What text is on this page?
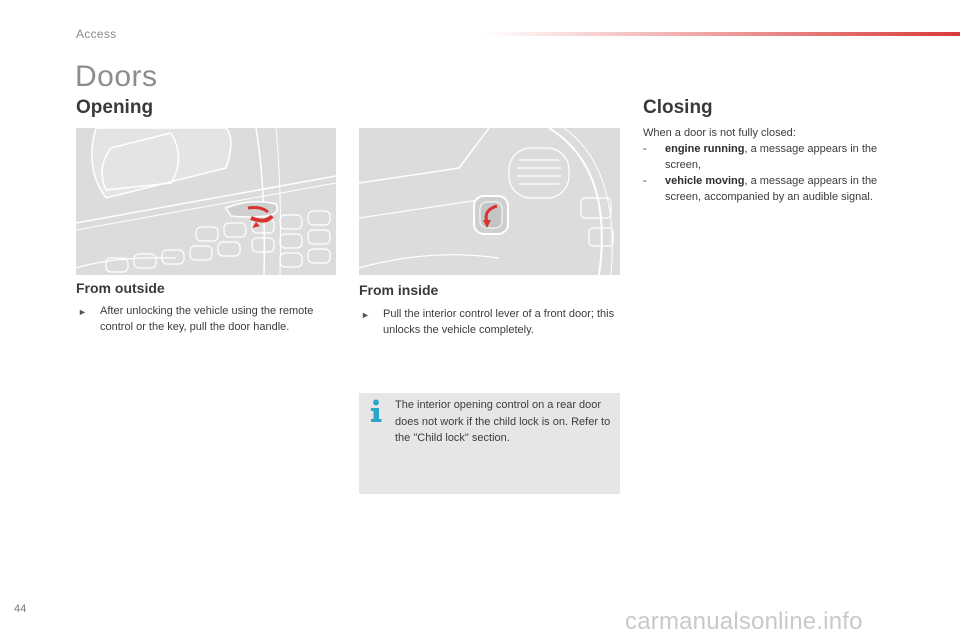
Access
Doors
Opening	Closing
From outside
►	After unlocking the vehicle using the remote control or the key, pull the door handle.
From inside
►	Pull the interior control lever of a front door; this unlocks the vehicle completely.
The interior opening control on a rear door does not work if the child lock is on. Refer to the "Child lock" section.
When a door is not fully closed:
-	engine running, a message appears in the screen,
-	vehicle moving, a message appears in the screen, accompanied by an audible signal.
44	carmanualsonline.info
